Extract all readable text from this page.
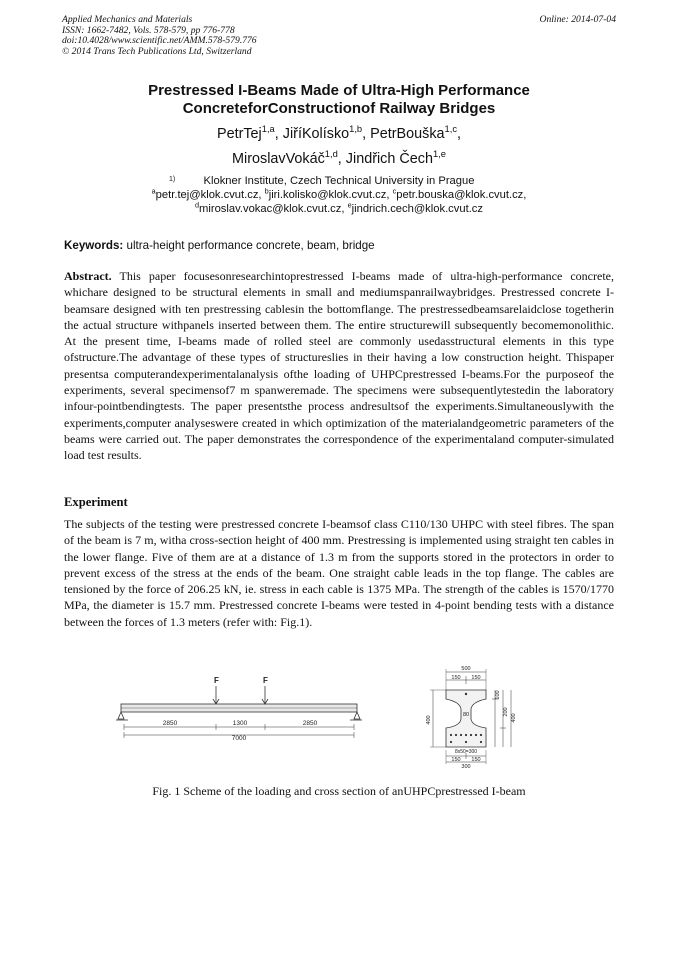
Applied Mechanics and Materials
ISSN: 1662-7482, Vols. 578-579, pp 776-778
doi:10.4028/www.scientific.net/AMM.578-579.776
© 2014 Trans Tech Publications Ltd, Switzerland
Online: 2014-07-04
Prestressed I-Beams Made of Ultra-High Performance
ConcreteforConstructionof Railway Bridges
PetrTej$^{1,a}$, JiříKolísko$^{1,b}$, PetrBouška$^{1,c}$,
MiroslavVokáč$^{1,d}$, Jindřich Čech$^{1,e}$
1)	Klokner Institute, Czech Technical University in Prague
$^a$petr.tej@klok.cvut.cz, $^b$jiri.kolisko@klok.cvut.cz, $^c$petr.bouska@klok.cvut.cz,
$^d$miroslav.vokac@klok.cvut.cz, $^e$jindrich.cech@klok.cvut.cz
Keywords: ultra-height performance concrete, beam, bridge

Abstract. This paper focusesonresearchintoprestressed I-beams made of ultra-high-performance concrete, whichare designed to be structural elements in small and mediumspanrailwaybridges. Prestressed concrete I-beamsare designed with ten prestressing cablesin the bottomflange. The prestressedbeamsarelaidclose togetherin the actual structure withpanels inserted between them. The entire structurewill subsequently becomemonolithic. At the present time, I-beams made of rolled steel are commonly usedasstructural elements in this type ofstructure.The advantage of these types of structureslies in their having a low construction height. Thispaper presentsa computerandexperimentalanalysis ofthe loading of UHPCprestressed I-beams.For the purposeof the experiments, several specimensof7 m spanweremade. The specimens were subsequentlytestedin the laboratory infour-pointbendingtests. The paper presentsthe process andresultsof the experiments.Simultaneouslywith the experiments,computer analyseswere created in which optimization of the materialandgeometric parameters of the beams were carried out. The paper demonstrates the correspondence of the experimentaland computer-simulated load test results.

Experiment

The subjects of the testing were prestressed concrete I-beamsof class C110/130 UHPC with steel fibres. The span of the beam is 7 m, witha cross-section height of 400 mm. Prestressing is implemented using straight ten cables in the lower flange. Five of them are at a distance of 1.3 m from the supports stored in the protectors in order to prevent excess of the stress at the ends of the beam. One straight cable leads in the top flange. The cables are tensioned by the force of 206.25 kN, ie. stress in each cable is 1375 MPa. The strength of the cables is 1570/1770 MPa, the diameter is 15.7 mm. Prestressed concrete I-beams were tested in 4-point bending tests with a distance between the forces of 1.3 meters (refer with: Fig.1).

F	F
2850	1300	2850
7000
500
150 150
400
80
100
200
400
8x50=300
150 150
300
Fig. 1 Scheme of the loading and cross section of anUHPCprestressed I-beam
